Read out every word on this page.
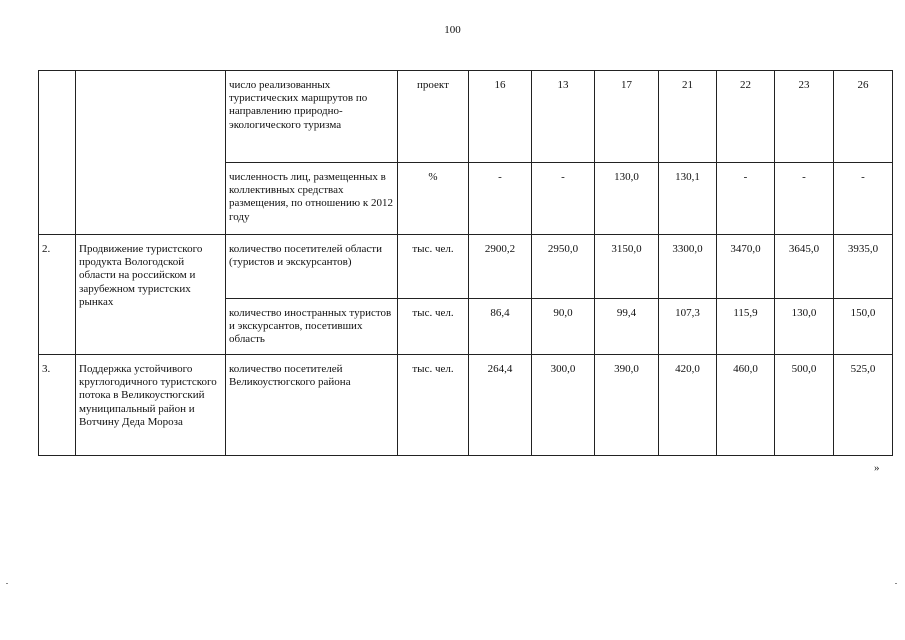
100
		число реализованных туристических маршрутов по направлению природно-экологического туризма	проект	16	13	17	21	22	23	26
		численность лиц, размещенных в коллективных средствах размещения, по отношению к 2012 году	%	-	-	130,0	130,1	-	-	-
2.	Продвижение туристского продукта Вологодской области на российском и зарубежном туристских рынках	количество посетителей области (туристов и экскурсантов)	тыс. чел.	2900,2	2950,0	3150,0	3300,0	3470,0	3645,0	3935,0
		количество иностранных туристов и экскурсантов, посетивших область	тыс. чел.	86,4	90,0	99,4	107,3	115,9	130,0	150,0
3.	Поддержка устойчивого круглогодичного туристского потока в Великоустюгский муниципальный район и Вотчину Деда Мороза	количество посетителей Великоустюгского района	тыс. чел.	264,4	300,0	390,0	420,0	460,0	500,0	525,0
»
